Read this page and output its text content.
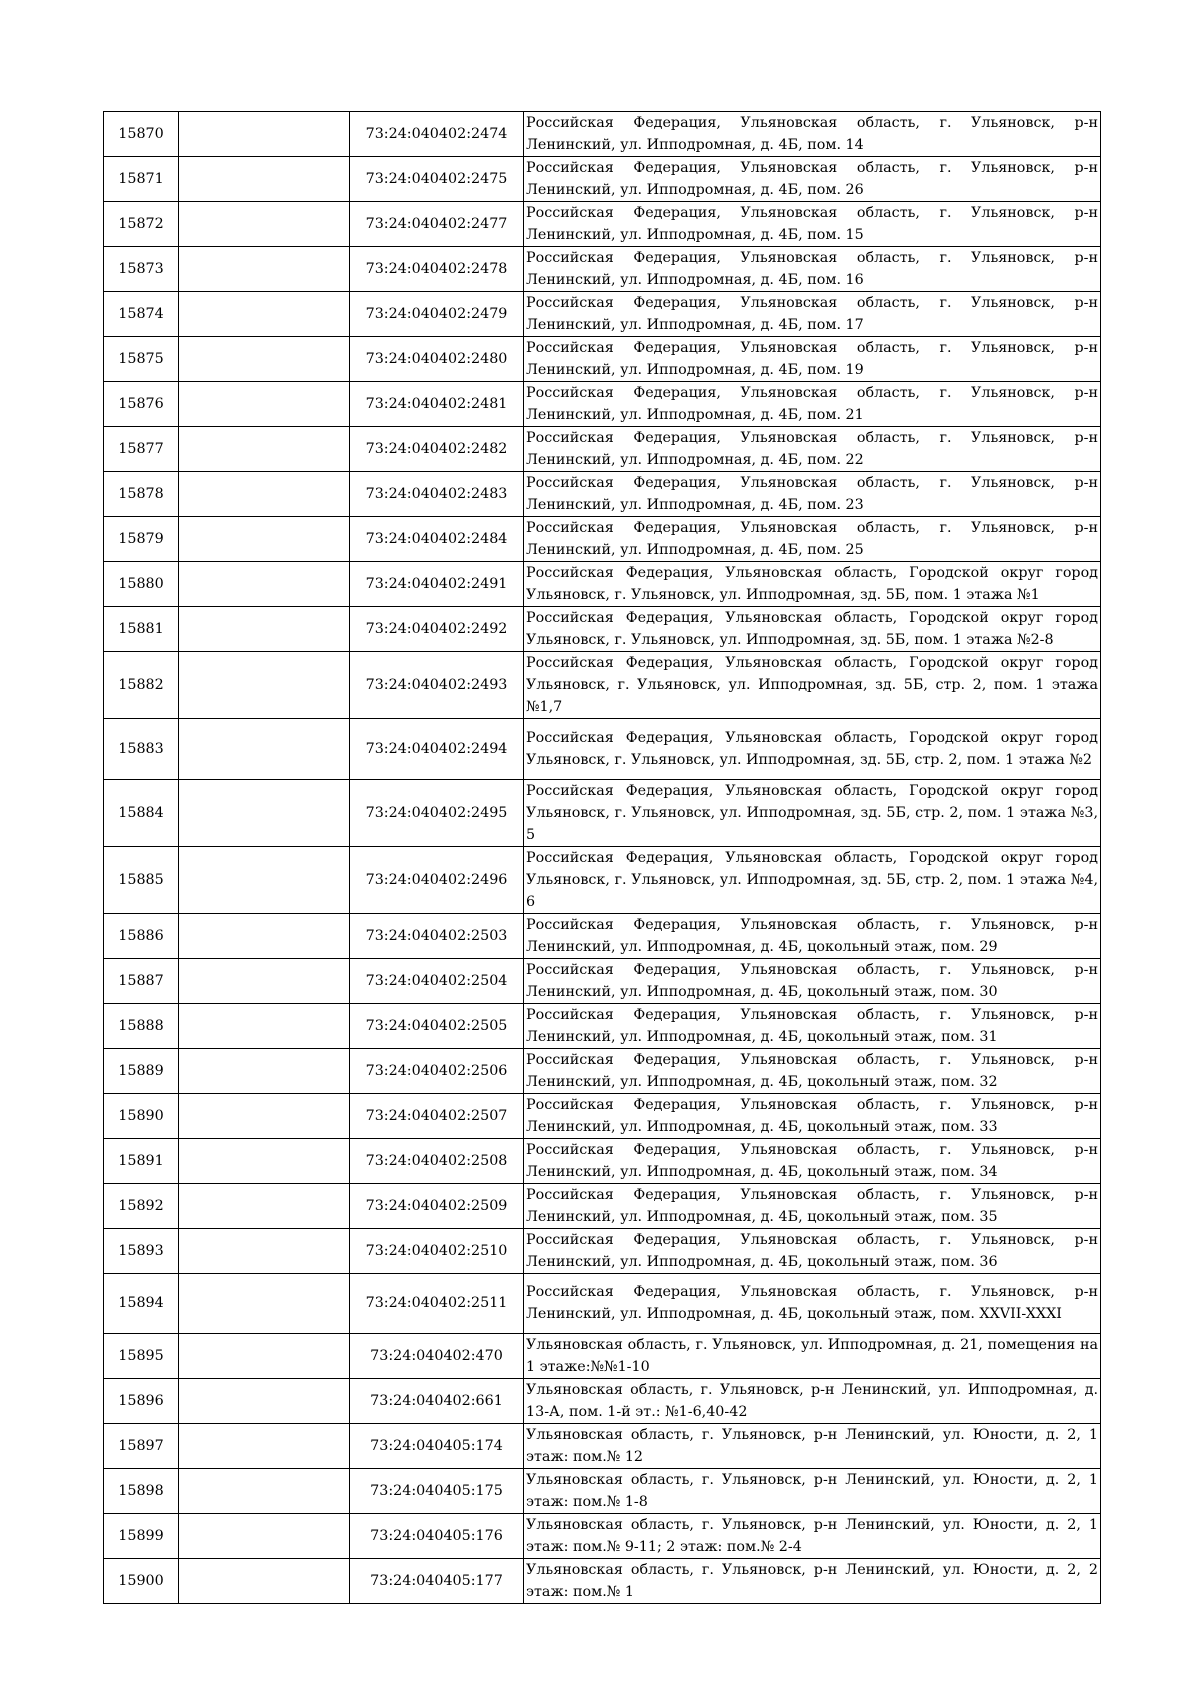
15870		73:24:040402:2474	Российская Федерация, Ульяновская область, г. Ульяновск, р-н Ленинский, ул. Ипподромная, д. 4Б, пом. 14
15871		73:24:040402:2475	Российская Федерация, Ульяновская область, г. Ульяновск, р-н Ленинский, ул. Ипподромная, д. 4Б, пом. 26
15872		73:24:040402:2477	Российская Федерация, Ульяновская область, г. Ульяновск, р-н Ленинский, ул. Ипподромная, д. 4Б, пом. 15
15873		73:24:040402:2478	Российская Федерация, Ульяновская область, г. Ульяновск, р-н Ленинский, ул. Ипподромная, д. 4Б, пом. 16
15874		73:24:040402:2479	Российская Федерация, Ульяновская область, г. Ульяновск, р-н Ленинский, ул. Ипподромная, д. 4Б, пом. 17
15875		73:24:040402:2480	Российская Федерация, Ульяновская область, г. Ульяновск, р-н Ленинский, ул. Ипподромная, д. 4Б, пом. 19
15876		73:24:040402:2481	Российская Федерация, Ульяновская область, г. Ульяновск, р-н Ленинский, ул. Ипподромная, д. 4Б, пом. 21
15877		73:24:040402:2482	Российская Федерация, Ульяновская область, г. Ульяновск, р-н Ленинский, ул. Ипподромная, д. 4Б, пом. 22
15878		73:24:040402:2483	Российская Федерация, Ульяновская область, г. Ульяновск, р-н Ленинский, ул. Ипподромная, д. 4Б, пом. 23
15879		73:24:040402:2484	Российская Федерация, Ульяновская область, г. Ульяновск, р-н Ленинский, ул. Ипподромная, д. 4Б, пом. 25
15880		73:24:040402:2491	Российская Федерация, Ульяновская область, Городской округ город Ульяновск, г. Ульяновск, ул. Ипподромная, зд. 5Б, пом. 1 этажа №1
15881		73:24:040402:2492	Российская Федерация, Ульяновская область, Городской округ город Ульяновск, г. Ульяновск, ул. Ипподромная, зд. 5Б, пом. 1 этажа №2-8
15882		73:24:040402:2493	Российская Федерация, Ульяновская область, Городской округ город Ульяновск, г. Ульяновск, ул. Ипподромная, зд. 5Б, стр. 2, пом. 1 этажа №1,7
15883		73:24:040402:2494	Российская Федерация, Ульяновская область, Городской округ город Ульяновск, г. Ульяновск, ул. Ипподромная, зд. 5Б, стр. 2, пом. 1 этажа №2
15884		73:24:040402:2495	Российская Федерация, Ульяновская область, Городской округ город Ульяновск, г. Ульяновск, ул. Ипподромная, зд. 5Б, стр. 2, пом. 1 этажа №3, 5
15885		73:24:040402:2496	Российская Федерация, Ульяновская область, Городской округ город Ульяновск, г. Ульяновск, ул. Ипподромная, зд. 5Б, стр. 2, пом. 1 этажа №4, 6
15886		73:24:040402:2503	Российская Федерация, Ульяновская область, г. Ульяновск, р-н Ленинский, ул. Ипподромная, д. 4Б, цокольный этаж, пом. 29
15887		73:24:040402:2504	Российская Федерация, Ульяновская область, г. Ульяновск, р-н Ленинский, ул. Ипподромная, д. 4Б, цокольный этаж, пом. 30
15888		73:24:040402:2505	Российская Федерация, Ульяновская область, г. Ульяновск, р-н Ленинский, ул. Ипподромная, д. 4Б, цокольный этаж, пом. 31
15889		73:24:040402:2506	Российская Федерация, Ульяновская область, г. Ульяновск, р-н Ленинский, ул. Ипподромная, д. 4Б, цокольный этаж, пом. 32
15890		73:24:040402:2507	Российская Федерация, Ульяновская область, г. Ульяновск, р-н Ленинский, ул. Ипподромная, д. 4Б, цокольный этаж, пом. 33
15891		73:24:040402:2508	Российская Федерация, Ульяновская область, г. Ульяновск, р-н Ленинский, ул. Ипподромная, д. 4Б, цокольный этаж, пом. 34
15892		73:24:040402:2509	Российская Федерация, Ульяновская область, г. Ульяновск, р-н Ленинский, ул. Ипподромная, д. 4Б, цокольный этаж, пом. 35
15893		73:24:040402:2510	Российская Федерация, Ульяновская область, г. Ульяновск, р-н Ленинский, ул. Ипподромная, д. 4Б, цокольный этаж, пом. 36
15894		73:24:040402:2511	Российская Федерация, Ульяновская область, г. Ульяновск, р-н Ленинский, ул. Ипподромная, д. 4Б, цокольный этаж, пом. XXVII-XXXI
15895		73:24:040402:470	Ульяновская область, г. Ульяновск, ул. Ипподромная, д. 21, помещения на 1 этаже:№№1-10
15896		73:24:040402:661	Ульяновская область, г. Ульяновск, р-н Ленинский, ул. Ипподромная, д. 13-А, пом. 1-й эт.: №1-6,40-42
15897		73:24:040405:174	Ульяновская область, г. Ульяновск, р-н Ленинский, ул. Юности, д. 2, 1 этаж: пом.№ 12
15898		73:24:040405:175	Ульяновская область, г. Ульяновск, р-н Ленинский, ул. Юности, д. 2, 1 этаж: пом.№ 1-8
15899		73:24:040405:176	Ульяновская область, г. Ульяновск, р-н Ленинский, ул. Юности, д. 2, 1 этаж: пом.№ 9-11; 2 этаж: пом.№ 2-4
15900		73:24:040405:177	Ульяновская область, г. Ульяновск, р-н Ленинский, ул. Юности, д. 2, 2 этаж: пом.№ 1
